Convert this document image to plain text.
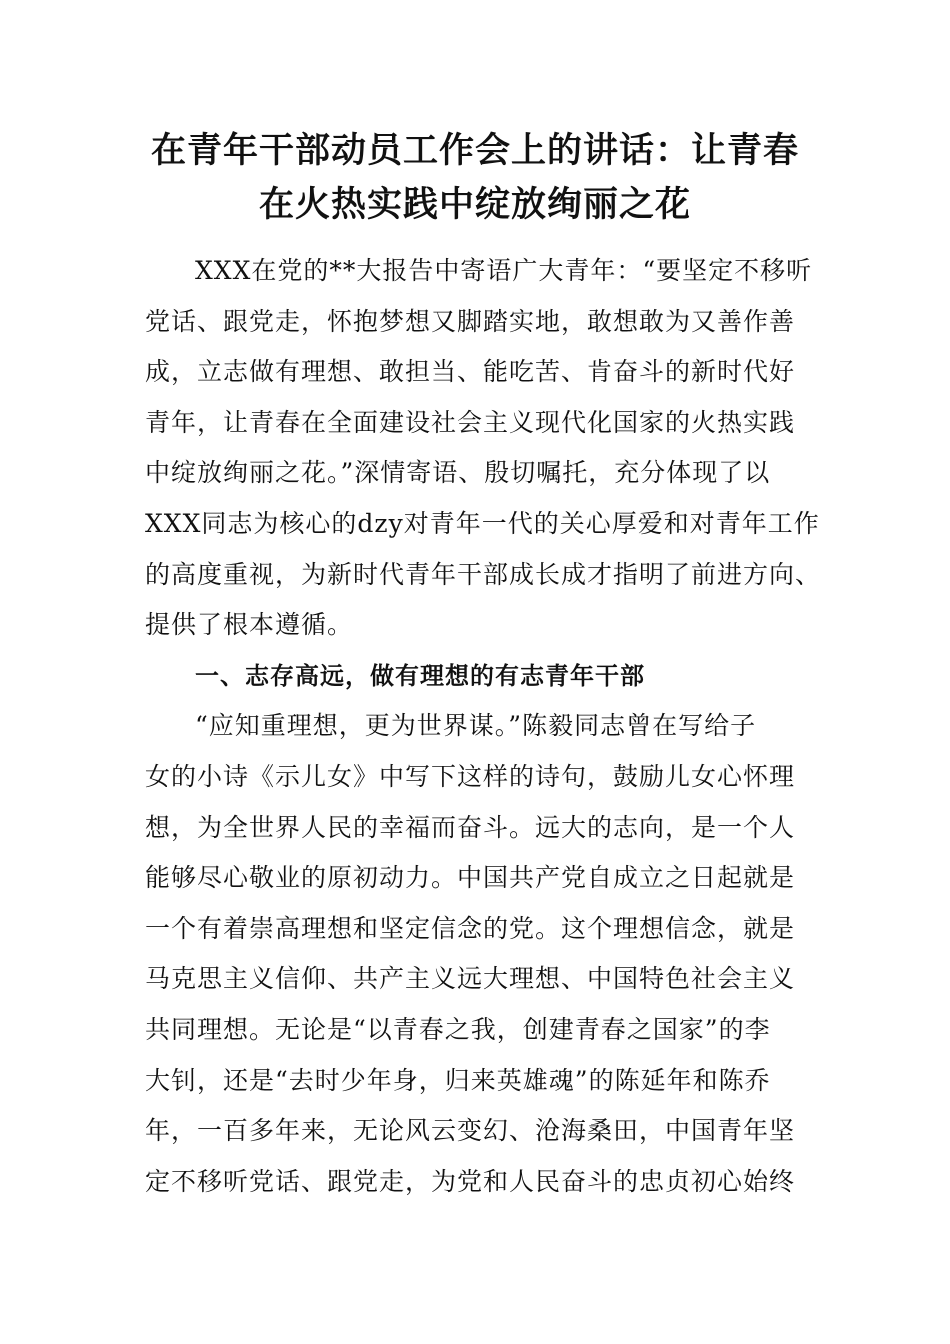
在青年干部动员工作会上的讲话：让青春
在火热实践中绽放绚丽之花
XXX在党的**大报告中寄语广大青年：“要坚定不移听
党话、跟党走，怀抱梦想又脚踏实地，敢想敢为又善作善
成，立志做有理想、敢担当、能吃苦、肯奋斗的新时代好
青年，让青春在全面建设社会主义现代化国家的火热实践
中绽放绚丽之花。”深情寄语、殷切嘱托，充分体现了以
XXX同志为核心的dzy对青年一代的关心厚爱和对青年工作
的高度重视，为新时代青年干部成长成才指明了前进方向、
提供了根本遵循。
一、志存高远，做有理想的有志青年干部
“应知重理想，更为世界谋。”陈毅同志曾在写给子
女的小诗《示儿女》中写下这样的诗句，鼓励儿女心怀理
想，为全世界人民的幸福而奋斗。远大的志向，是一个人
能够尽心敬业的原初动力。中国共产党自成立之日起就是
一个有着崇高理想和坚定信念的党。这个理想信念，就是
马克思主义信仰、共产主义远大理想、中国特色社会主义
共同理想。无论是“以青春之我，创建青春之国家”的李
大钊，还是“去时少年身，归来英雄魂”的陈延年和陈乔
年，一百多年来，无论风云变幻、沧海桑田，中国青年坚
定不移听党话、跟党走，为党和人民奋斗的忠贞初心始终
